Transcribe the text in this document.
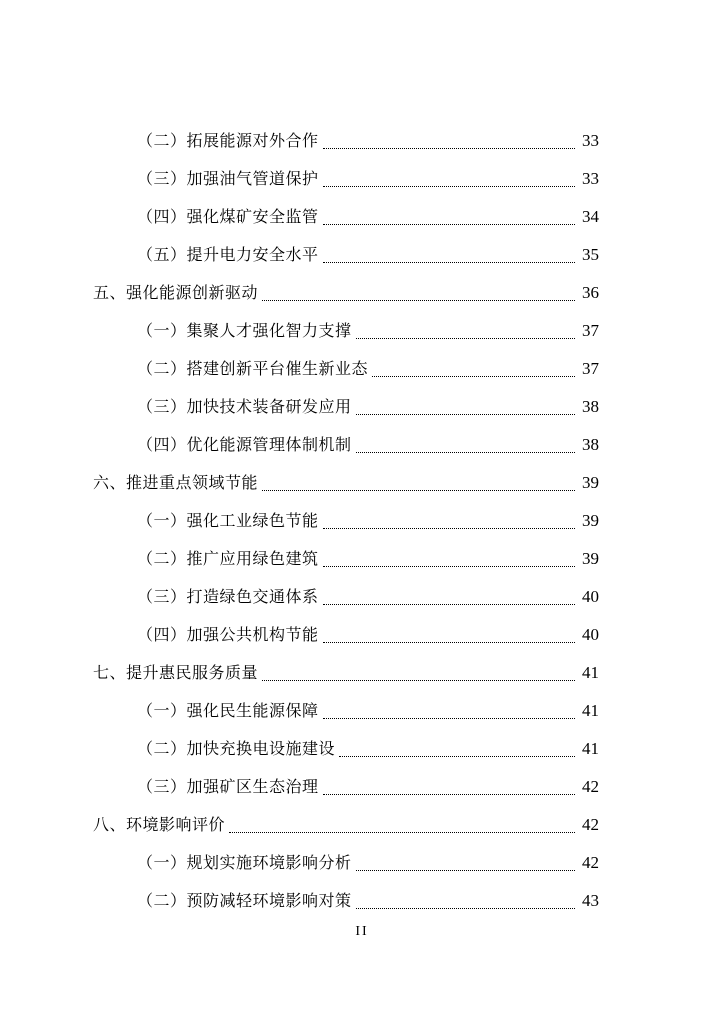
（二）拓展能源对外合作	33
（三）加强油气管道保护	33
（四）强化煤矿安全监管	34
（五）提升电力安全水平	35
五、强化能源创新驱动	36
（一）集聚人才强化智力支撑	37
（二）搭建创新平台催生新业态	37
（三）加快技术装备研发应用	38
（四）优化能源管理体制机制	38
六、推进重点领域节能	39
（一）强化工业绿色节能	39
（二）推广应用绿色建筑	39
（三）打造绿色交通体系	40
（四）加强公共机构节能	40
七、提升惠民服务质量	41
（一）强化民生能源保障	41
（二）加快充换电设施建设	41
（三）加强矿区生态治理	42
八、环境影响评价	42
（一）规划实施环境影响分析	42
（二）预防减轻环境影响对策	43
II
